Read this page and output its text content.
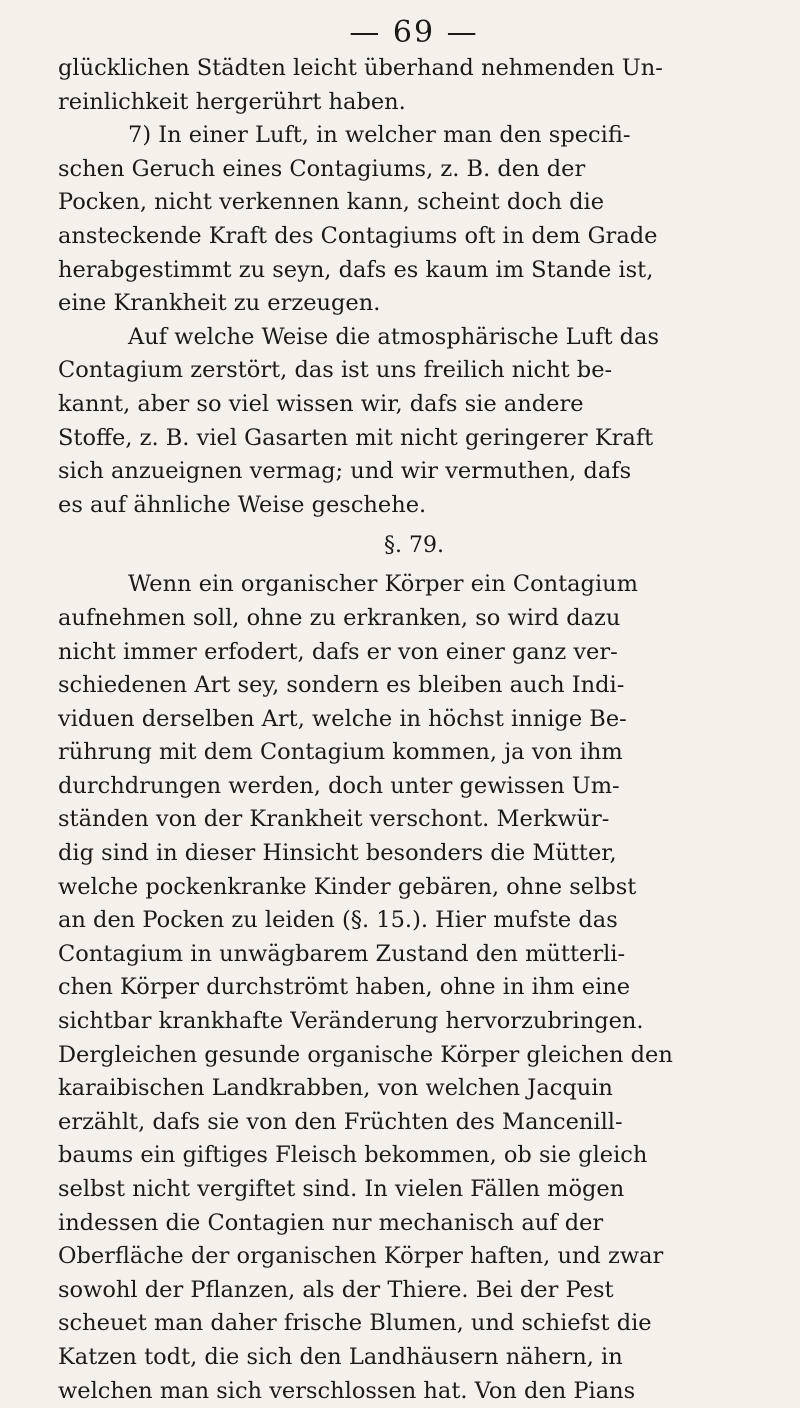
— 69 —
glücklichen Städten leicht überhand nehmenden Un-
reinlichkeit hergerührt haben.
7) In einer Luft, in welcher man den specifi-
schen Geruch eines Contagiums, z. B. den der
Pocken, nicht verkennen kann, scheint doch die
ansteckende Kraft des Contagiums oft in dem Grade
herabgestimmt zu seyn, dafs es kaum im Stande ist,
eine Krankheit zu erzeugen.
Auf welche Weise die atmosphärische Luft das
Contagium zerstört, das ist uns freilich nicht be-
kannt, aber so viel wissen wir, dafs sie andere
Stoffe, z. B. viel Gasarten mit nicht geringerer Kraft
sich anzueignen vermag; und wir vermuthen, dafs
es auf ähnliche Weise geschehe.
§. 79.
Wenn ein organischer Körper ein Contagium
aufnehmen soll, ohne zu erkranken, so wird dazu
nicht immer erfodert, dafs er von einer ganz ver-
schiedenen Art sey, sondern es bleiben auch Indi-
viduen derselben Art, welche in höchst innige Be-
rührung mit dem Contagium kommen, ja von ihm
durchdrungen werden, doch unter gewissen Um-
ständen von der Krankheit verschont. Merkwür-
dig sind in dieser Hinsicht besonders die Mütter,
welche pockenkranke Kinder gebären, ohne selbst
an den Pocken zu leiden (§. 15.). Hier mufste das
Contagium in unwägbarem Zustand den mütterli-
chen Körper durchströmt haben, ohne in ihm eine
sichtbar krankhafte Veränderung hervorzubringen.
Dergleichen gesunde organische Körper gleichen den
karaibischen Landkrabben, von welchen Jacquin
erzählt, dafs sie von den Früchten des Mancenill-
baums ein giftiges Fleisch bekommen, ob sie gleich
selbst nicht vergiftet sind. In vielen Fällen mögen
indessen die Contagien nur mechanisch auf der
Oberfläche der organischen Körper haften, und zwar
sowohl der Pflanzen, als der Thiere. Bei der Pest
scheuet man daher frische Blumen, und schiefst die
Katzen todt, die sich den Landhäusern nähern, in
welchen man sich verschlossen hat. Von den Pians
